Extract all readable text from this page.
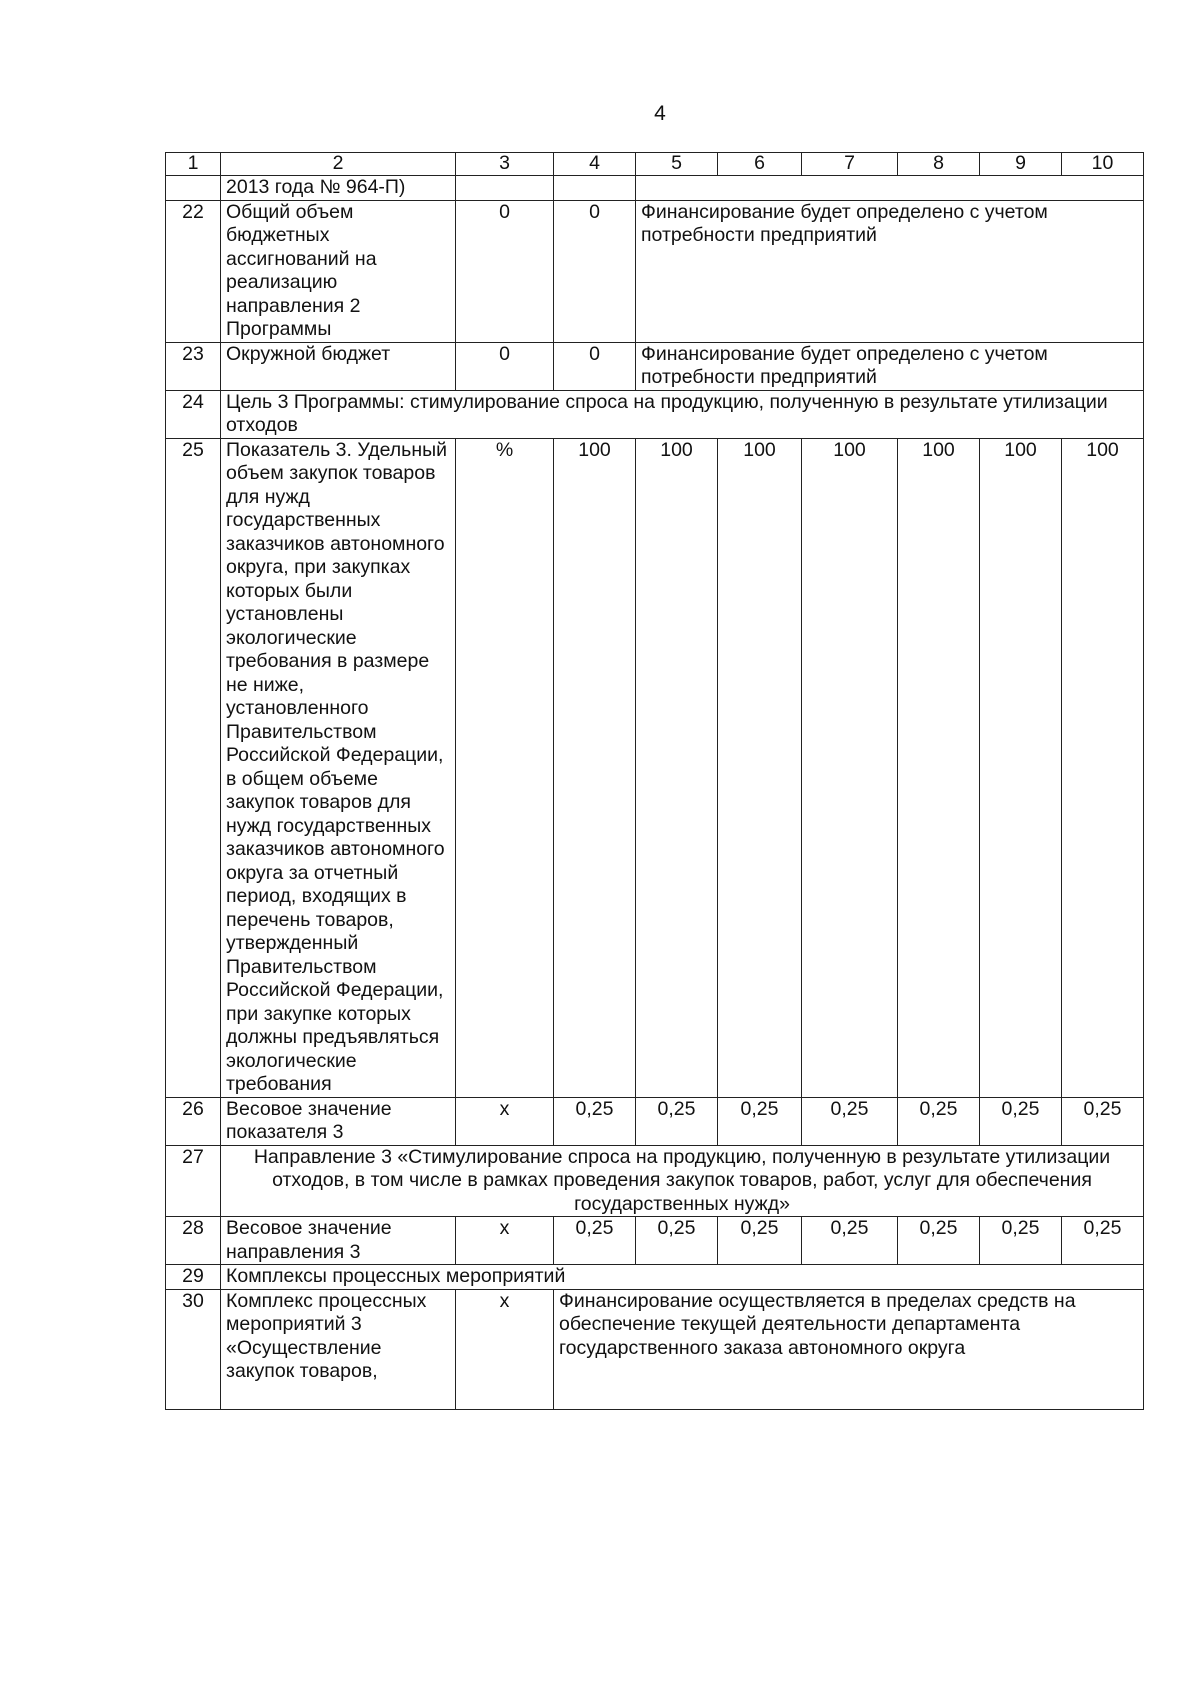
4
1	2	3	4	5	6	7	8	9	10
	2013 года № 964-П)								
22	Общий объем бюджетных ассигнований на реализацию направления 2 Программы	0	0	Финансирование будет определено с учетом потребности предприятий					
23	Окружной бюджет	0	0	Финансирование будет определено с учетом потребности предприятий					
24	Цель 3 Программы: стимулирование спроса на продукцию, полученную в результате утилизации отходов								
25	Показатель 3. Удельный объем закупок товаров для нужд государственных заказчиков автономного округа, при закупках которых были установлены экологические требования в размере не ниже, установленного Правительством Российской Федерации, в общем объеме закупок товаров для нужд государственных заказчиков автономного округа за отчетный период, входящих в перечень товаров, утвержденный Правительством Российской Федерации, при закупке которых должны предъявляться экологические требования	%	100	100	100	100	100	100	100
26	Весовое значение показателя 3	х	0,25	0,25	0,25	0,25	0,25	0,25	0,25
27	Направление 3 «Стимулирование спроса на продукцию, полученную в результате утилизации отходов, в том числе в рамках проведения закупок товаров, работ, услуг для обеспечения государственных нужд»								
28	Весовое значение направления 3	х	0,25	0,25	0,25	0,25	0,25	0,25	0,25
29	Комплексы процессных мероприятий								
30	Комплекс процессных мероприятий 3 «Осуществление закупок товаров,	х	Финансирование осуществляется в пределах средств на обеспечение текущей деятельности департамента государственного заказа автономного округа						
